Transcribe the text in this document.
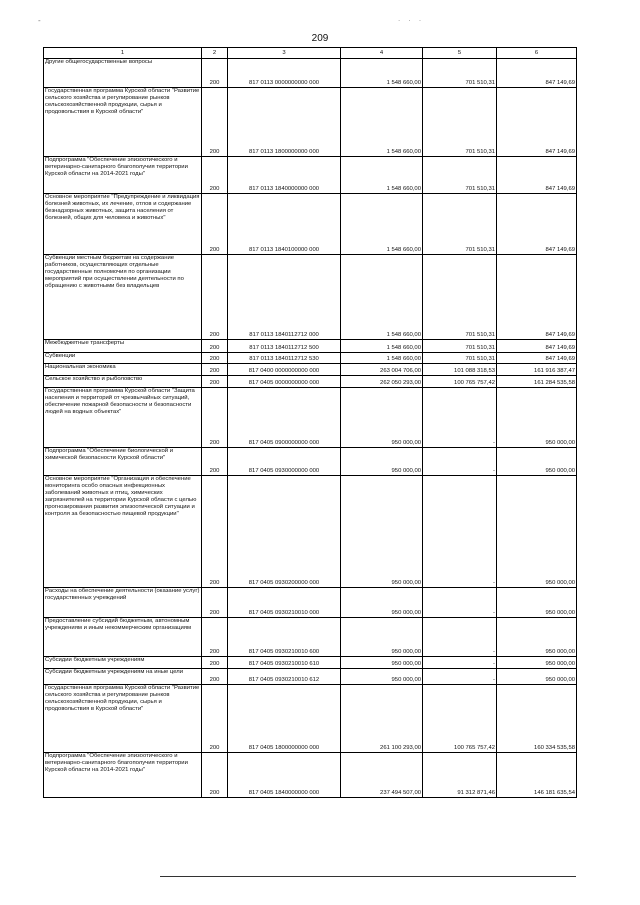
-	. . .
209
1	2	3	4	5	6
Другие общегосударственные вопросы	200	817 0113 0000000000 000	1 548 660,00	701 510,31	847 149,69
Государственная программа Курской области "Развитие сельского хозяйства и регулирование рынков сельскохозяйственной продукции, сырья и продовольствия в Курской области"	200	817 0113 1800000000 000	1 548 660,00	701 510,31	847 149,69
Подпрограмма "Обеспечение эпизоотического и ветеринарно-санитарного благополучия территории Курской области на 2014-2021 годы"	200	817 0113 1840000000 000	1 548 660,00	701 510,31	847 149,69
Основное мероприятие "Предупреждение и ликвидация болезней животных, их лечение, отлов и содержание безнадзорных животных, защита населения от болезней, общих для человека и животных"	200	817 0113 1840100000 000	1 548 660,00	701 510,31	847 149,69
Субвенции местным бюджетам на содержание работников, осуществляющих отдельные государственные полномочия по организации мероприятий при осуществлении деятельности по обращению с животными без владельцев	200	817 0113 1840112712 000	1 548 660,00	701 510,31	847 149,69
Межбюджетные трансферты	200	817 0113 1840112712 500	1 548 660,00	701 510,31	847 149,69
Субвенции	200	817 0113 1840112712 530	1 548 660,00	701 510,31	847 149,69
Национальная экономика	200	817 0400 0000000000 000	263 004 706,00	101 088 318,53	161 916 387,47
Сельское хозяйство и рыболовство	200	817 0405 0000000000 000	262 050 293,00	100 765 757,42	161 284 535,58
Государственная программа Курской области "Защита населения и территорий от чрезвычайных ситуаций, обеспечение пожарной безопасности и безопасности людей на водных объектах"	200	817 0405 0900000000 000	950 000,00	-	950 000,00
Подпрограмма "Обеспечение биологической и химической безопасности Курской области"	200	817 0405 0930000000 000	950 000,00	-	950 000,00
Основное мероприятие "Организация и обеспечение мониторинга особо опасных инфекционных заболеваний животных и птиц, химических загрязнителей на территории Курской области с целью прогнозирования развития эпизоотической ситуации и контроля за безопасностью пищевой продукции"	200	817 0405 0930200000 000	950 000,00	-	950 000,00
Расходы на обеспечение деятельности (оказание услуг) государственных учреждений	200	817 0405 0930210010 000	950 000,00	-	950 000,00
Предоставление субсидий бюджетным, автономным учреждениям и иным некоммерческим организациям	200	817 0405 0930210010 600	950 000,00	-	950 000,00
Субсидии бюджетным учреждениям	200	817 0405 0930210010 610	950 000,00	-	950 000,00
Субсидии бюджетным учреждениям на иные цели	200	817 0405 0930210010 612	950 000,00	-	950 000,00
Государственная программа Курской области "Развитие сельского хозяйства и регулирование рынков сельскохозяйственной продукции, сырья и продовольствия в Курской области"	200	817 0405 1800000000 000	261 100 293,00	100 765 757,42	160 334 535,58
Подпрограмма "Обеспечение эпизоотического и ветеринарно-санитарного благополучия территории Курской области на 2014-2021 годы"	200	817 0405 1840000000 000	237 494 507,00	91 312 871,46	146 181 635,54
